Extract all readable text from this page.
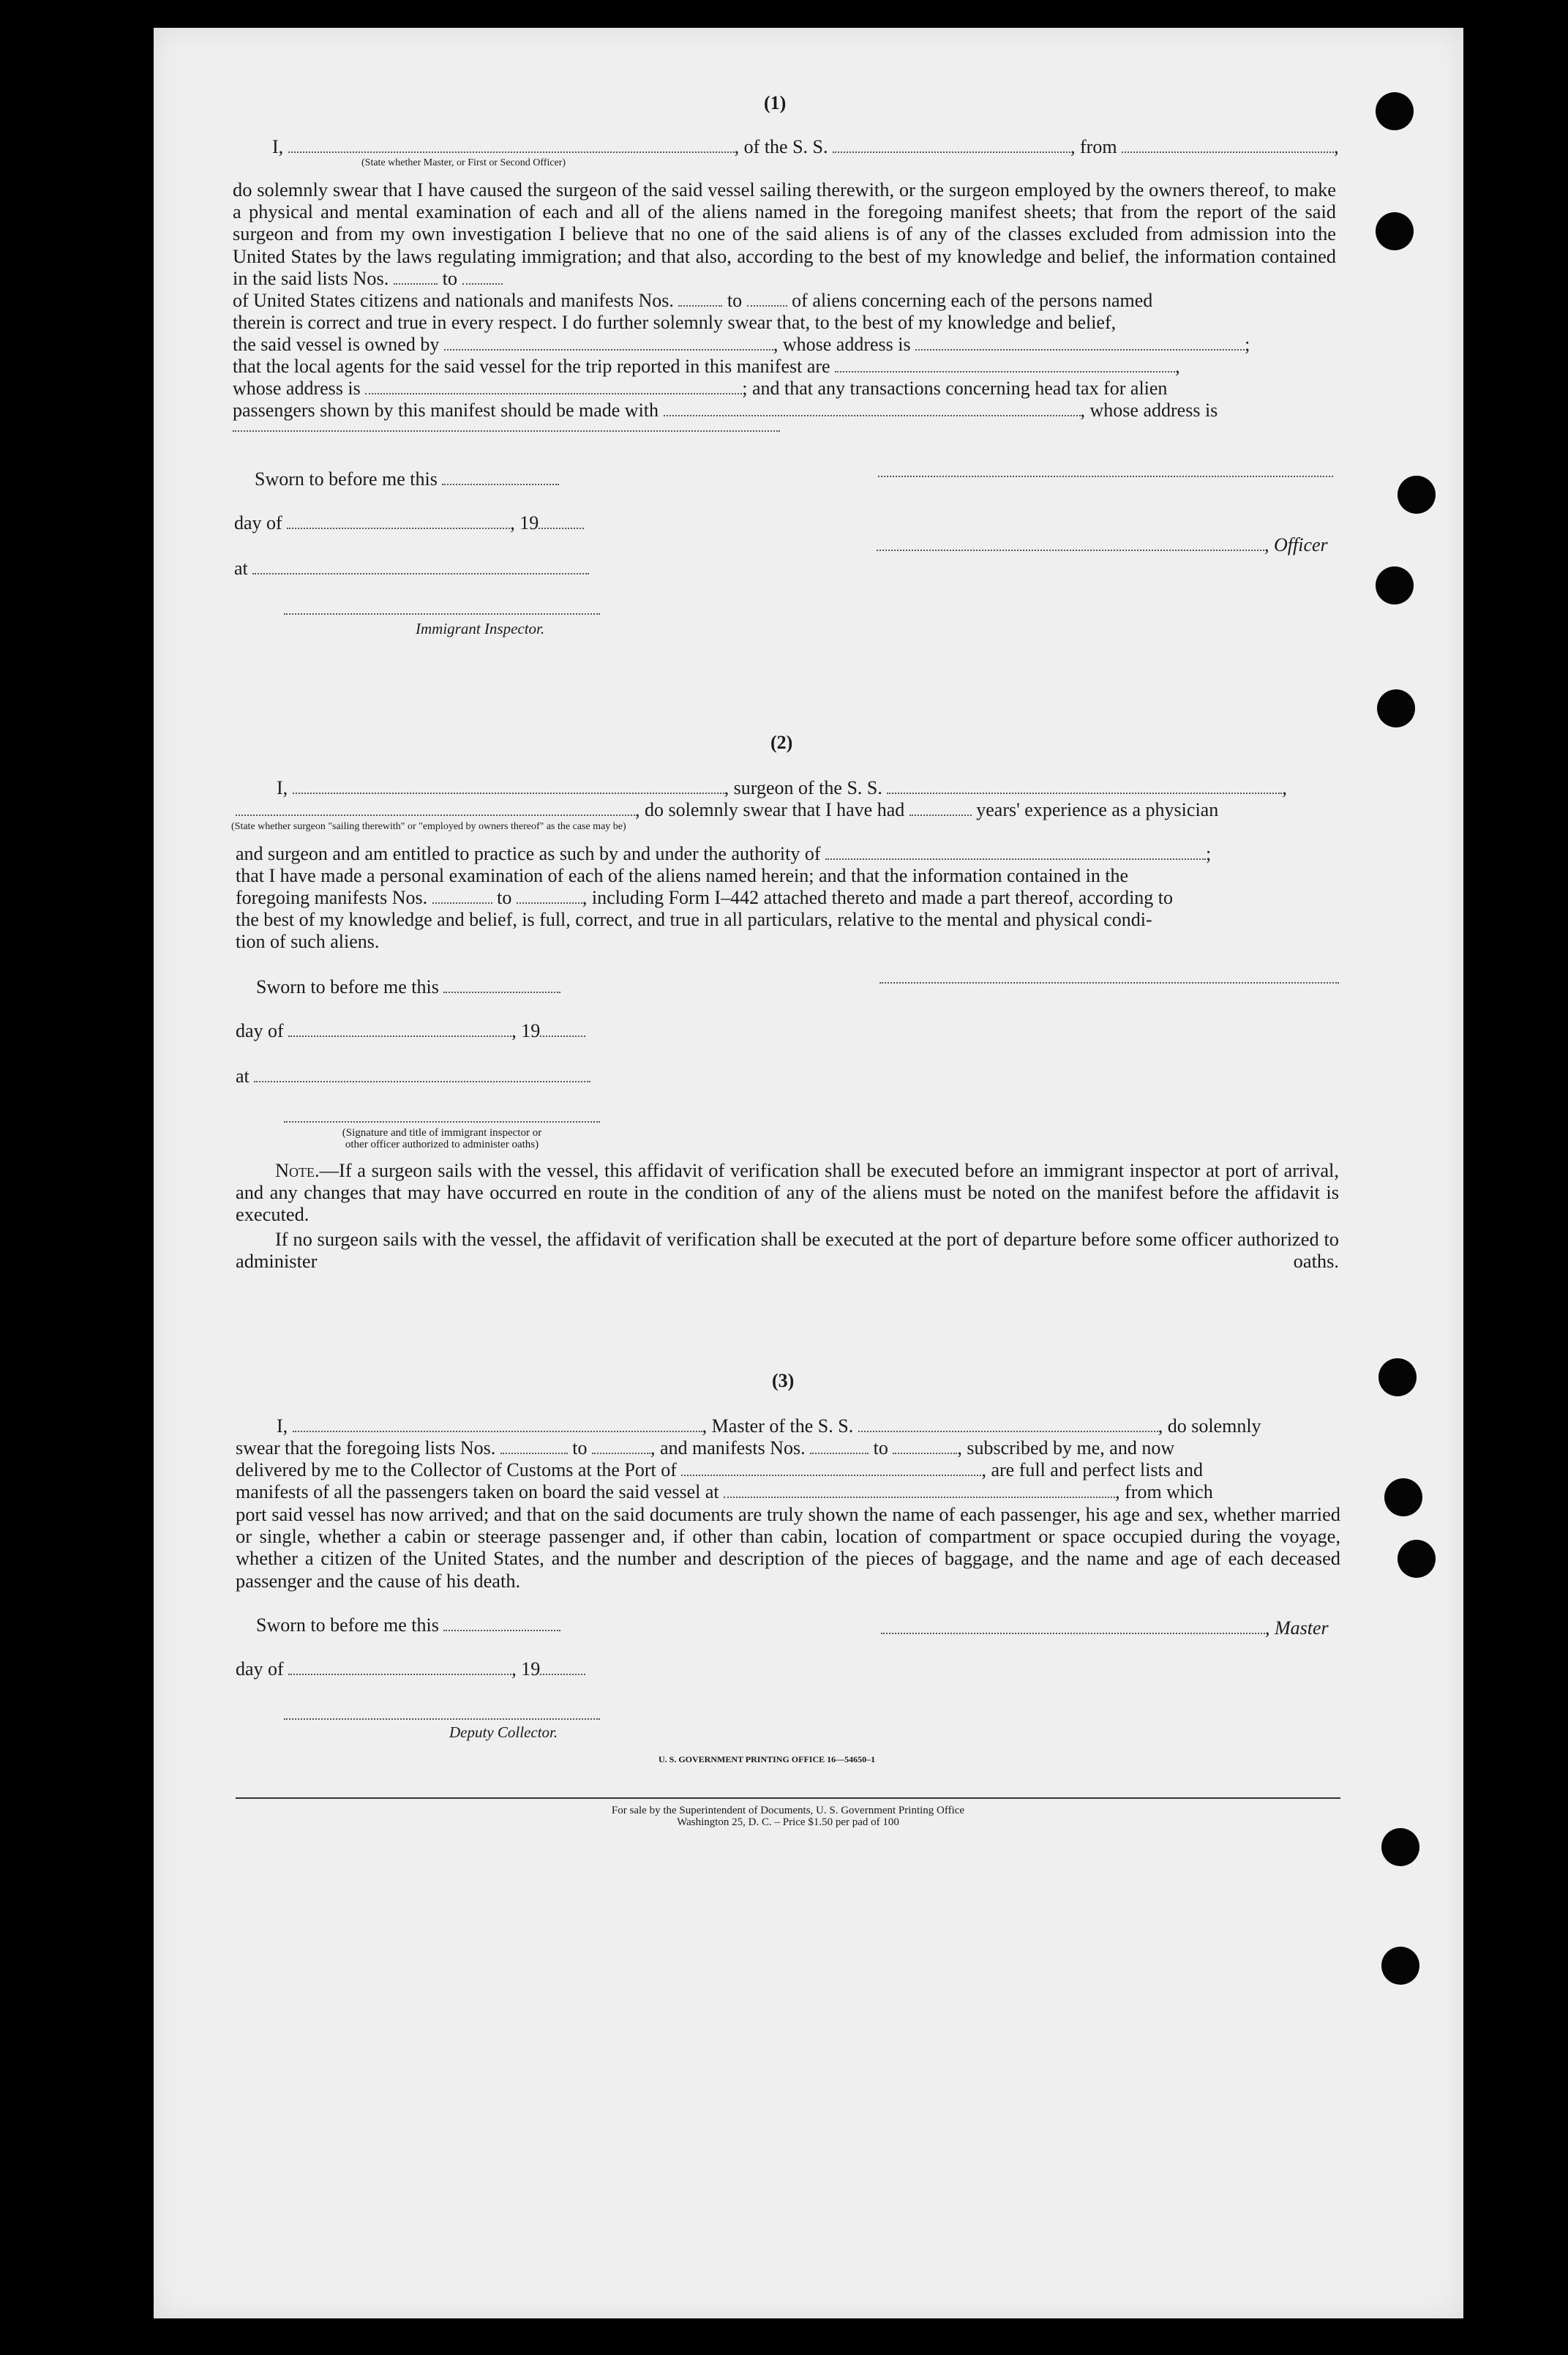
(1)
I,	, of the S. S.	, from	,
(State whether Master, or First or Second Officer)
do solemnly swear that I have caused the surgeon of the said vessel sailing therewith, or the surgeon employed by the owners thereof, to make a physical and mental examination of each and all of the aliens named in the foregoing manifest sheets; that from the report of the said surgeon and from my own investigation I believe that no one of the said aliens is of any of the classes excluded from admission into the United States by the laws regulating immigration; and that also, according to the best of my knowledge and belief, the information contained in the said lists Nos.	to
of United States citizens and nationals and manifests Nos.	to	of aliens concerning each of the persons named
therein is correct and true in every respect. I do further solemnly swear that, to the best of my knowledge and belief,
the said vessel is owned by	, whose address is	;
that the local agents for the said vessel for the trip reported in this manifest are	,
whose address is	; and that any transactions concerning head tax for alien
passengers shown by this manifest should be made with	, whose address is
Sworn to before me this
day of	, 19
, Officer
at
Immigrant Inspector.
(2)
I,	, surgeon of the S. S.	,
, do solemnly swear that I have had	years' experience as a physician
(State whether surgeon "sailing therewith" or "employed by owners thereof" as the case may be)
and surgeon and am entitled to practice as such by and under the authority of	;
that I have made a personal examination of each of the aliens named herein; and that the information contained in the
foregoing manifests Nos.	to	, including Form I–442 attached thereto and made a part thereof, according to
the best of my knowledge and belief, is full, correct, and true in all particulars, relative to the mental and physical condi-
tion of such aliens.
Sworn to before me this
day of	, 19
at
(Signature and title of immigrant inspector or
other officer authorized to administer oaths)
Note.—If a surgeon sails with the vessel, this affidavit of verification shall be executed before an immigrant inspector at port of arrival, and any changes that may have occurred en route in the condition of any of the aliens must be noted on the manifest before the affidavit is executed.
If no surgeon sails with the vessel, the affidavit of verification shall be executed at the port of departure before some officer authorized to administer oaths.
(3)
I,	, Master of the S. S.	, do solemnly
swear that the foregoing lists Nos.	to	, and manifests Nos.	to	, subscribed by me, and now
delivered by me to the Collector of Customs at the Port of	, are full and perfect lists and
manifests of all the passengers taken on board the said vessel at	, from which
port said vessel has now arrived; and that on the said documents are truly shown the name of each passenger, his age and sex, whether married or single, whether a cabin or steerage passenger and, if other than cabin, location of compartment or space occupied during the voyage, whether a citizen of the United States, and the number and description of the pieces of baggage, and the name and age of each deceased passenger and the cause of his death.
Sworn to before me this	, Master
day of	, 19
Deputy Collector.
U. S. GOVERNMENT PRINTING OFFICE 16—54650–1
For sale by the Superintendent of Documents, U. S. Government Printing Office
Washington 25, D. C. – Price $1.50 per pad of 100
